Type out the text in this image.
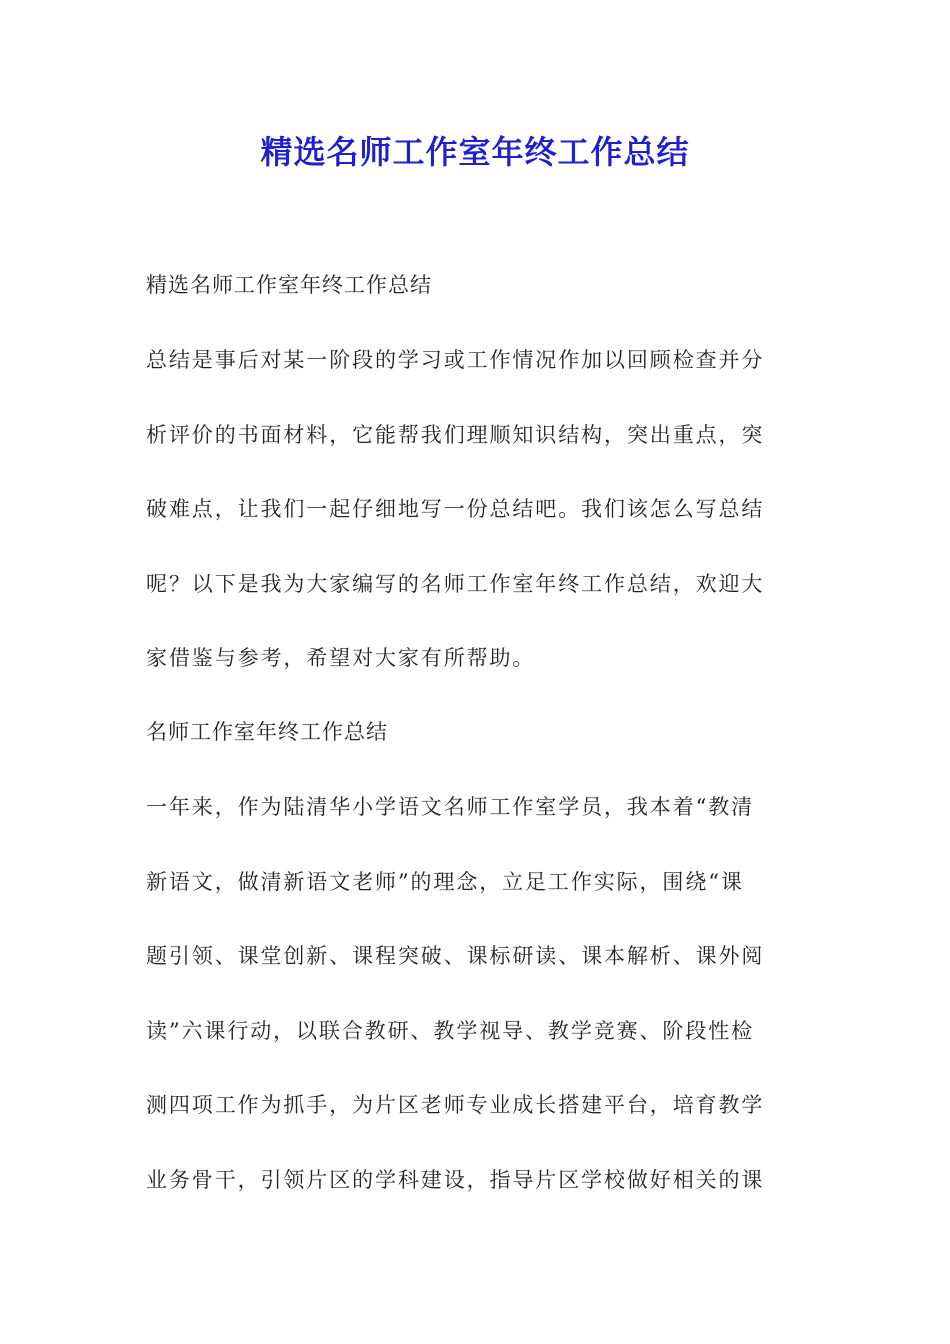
精选名师工作室年终工作总结
精选名师工作室年终工作总结
总结是事后对某一阶段的学习或工作情况作加以回顾检查并分
析评价的书面材料，它能帮我们理顺知识结构，突出重点，突
破难点，让我们一起仔细地写一份总结吧。我们该怎么写总结
呢？以下是我为大家编写的名师工作室年终工作总结，欢迎大
家借鉴与参考，希望对大家有所帮助。
名师工作室年终工作总结
一年来，作为陆清华小学语文名师工作室学员，我本着“教清
新语文，做清新语文老师”的理念，立足工作实际，围绕“课
题引领、课堂创新、课程突破、课标研读、课本解析、课外阅
读”六课行动，以联合教研、教学视导、教学竞赛、阶段性检
测四项工作为抓手，为片区老师专业成长搭建平台，培育教学
业务骨干，引领片区的学科建设，指导片区学校做好相关的课
